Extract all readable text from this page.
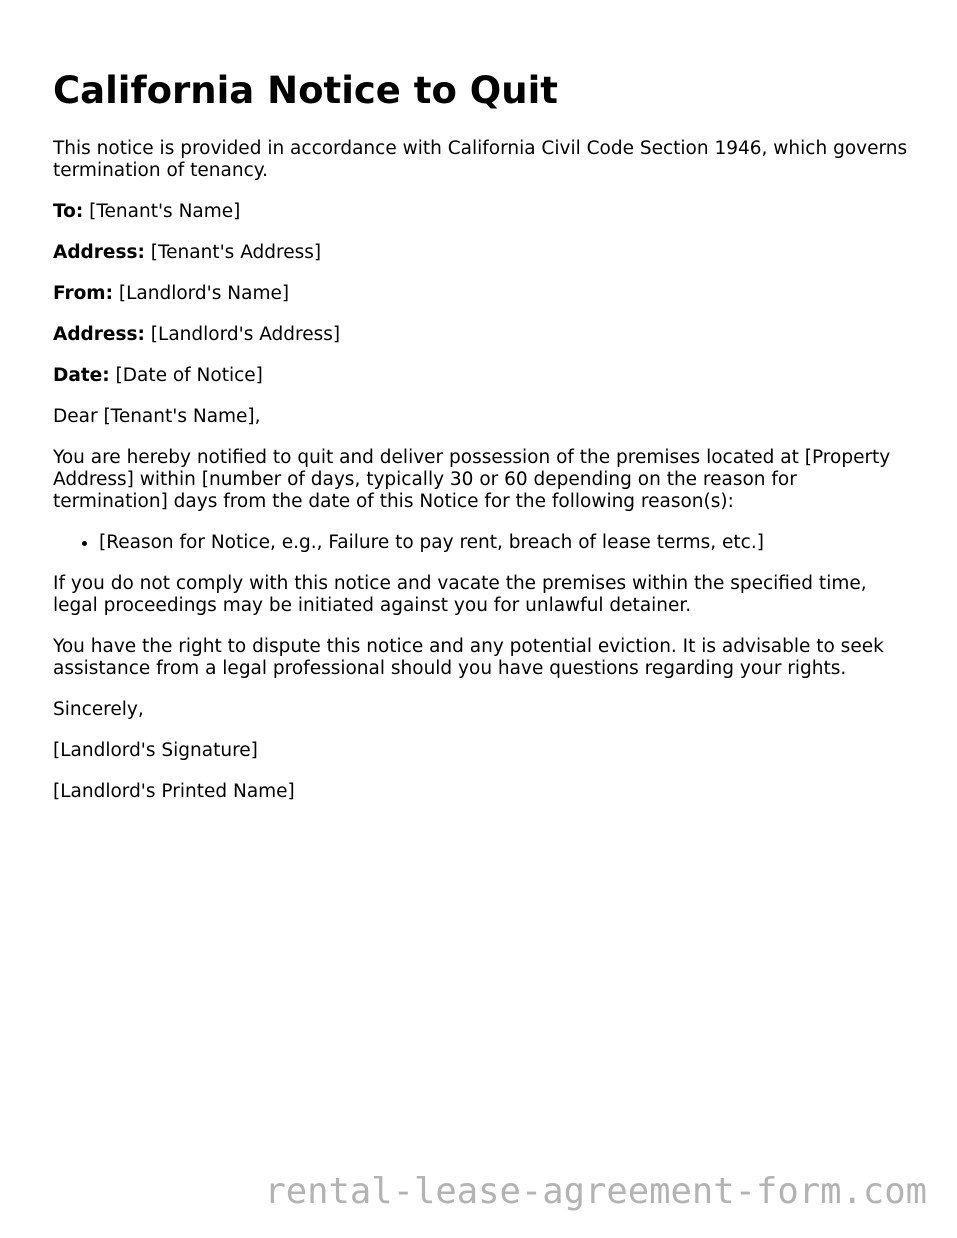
California Notice to Quit

This notice is provided in accordance with California Civil Code Section 1946, which governs termination of tenancy.

To: [Tenant's Name]

Address: [Tenant's Address]

From: [Landlord's Name]

Address: [Landlord's Address]

Date: [Date of Notice]

Dear [Tenant's Name],

You are hereby notified to quit and deliver possession of the premises located at [Property Address] within [number of days, typically 30 or 60 depending on the reason for termination] days from the date of this Notice for the following reason(s):

• [Reason for Notice, e.g., Failure to pay rent, breach of lease terms, etc.]

If you do not comply with this notice and vacate the premises within the specified time, legal proceedings may be initiated against you for unlawful detainer.

You have the right to dispute this notice and any potential eviction. It is advisable to seek assistance from a legal professional should you have questions regarding your rights.

Sincerely,

[Landlord's Signature]

[Landlord's Printed Name]

rental-lease-agreement-form.com
